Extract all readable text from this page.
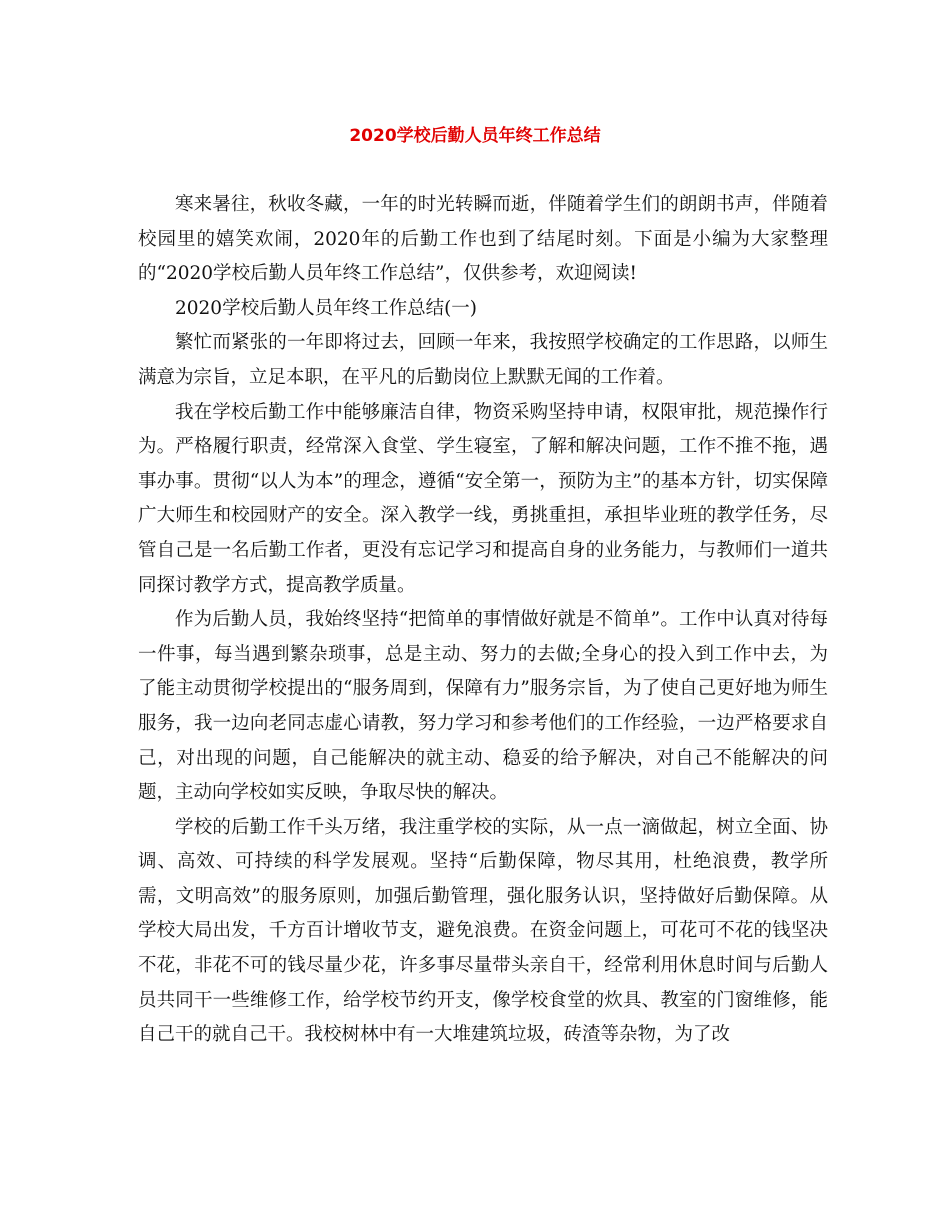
2020学校后勤人员年终工作总结

寒来暑往，秋收冬藏，一年的时光转瞬而逝，伴随着学生们的朗朗书声，伴随着校园里的嬉笑欢闹，2020年的后勤工作也到了结尾时刻。下面是小编为大家整理的“2020学校后勤人员年终工作总结”，仅供参考，欢迎阅读!

2020学校后勤人员年终工作总结(一)

繁忙而紧张的一年即将过去，回顾一年来，我按照学校确定的工作思路，以师生满意为宗旨，立足本职，在平凡的后勤岗位上默默无闻的工作着。

我在学校后勤工作中能够廉洁自律，物资采购坚持申请，权限审批，规范操作行为。严格履行职责，经常深入食堂、学生寝室，了解和解决问题，工作不推不拖，遇事办事。贯彻“以人为本”的理念，遵循“安全第一，预防为主”的基本方针，切实保障广大师生和校园财产的安全。深入教学一线，勇挑重担，承担毕业班的教学任务，尽管自己是一名后勤工作者，更没有忘记学习和提高自身的业务能力，与教师们一道共同探讨教学方式，提高教学质量。

作为后勤人员，我始终坚持“把简单的事情做好就是不简单”。工作中认真对待每一件事，每当遇到繁杂琐事，总是主动、努力的去做;全身心的投入到工作中去，为了能主动贯彻学校提出的“服务周到，保障有力”服务宗旨，为了使自己更好地为师生服务，我一边向老同志虚心请教，努力学习和参考他们的工作经验，一边严格要求自己，对出现的问题，自己能解决的就主动、稳妥的给予解决，对自己不能解决的问题，主动向学校如实反映，争取尽快的解决。

学校的后勤工作千头万绪，我注重学校的实际，从一点一滴做起，树立全面、协调、高效、可持续的科学发展观。坚持“后勤保障，物尽其用，杜绝浪费，教学所需，文明高效”的服务原则，加强后勤管理，强化服务认识，坚持做好后勤保障。从学校大局出发，千方百计增收节支，避免浪费。在资金问题上，可花可不花的钱坚决不花，非花不可的钱尽量少花，许多事尽量带头亲自干，经常利用休息时间与后勤人员共同干一些维修工作，给学校节约开支，像学校食堂的炊具、教室的门窗维修，能自己干的就自己干。我校树林中有一大堆建筑垃圾，砖渣等杂物，为了改
